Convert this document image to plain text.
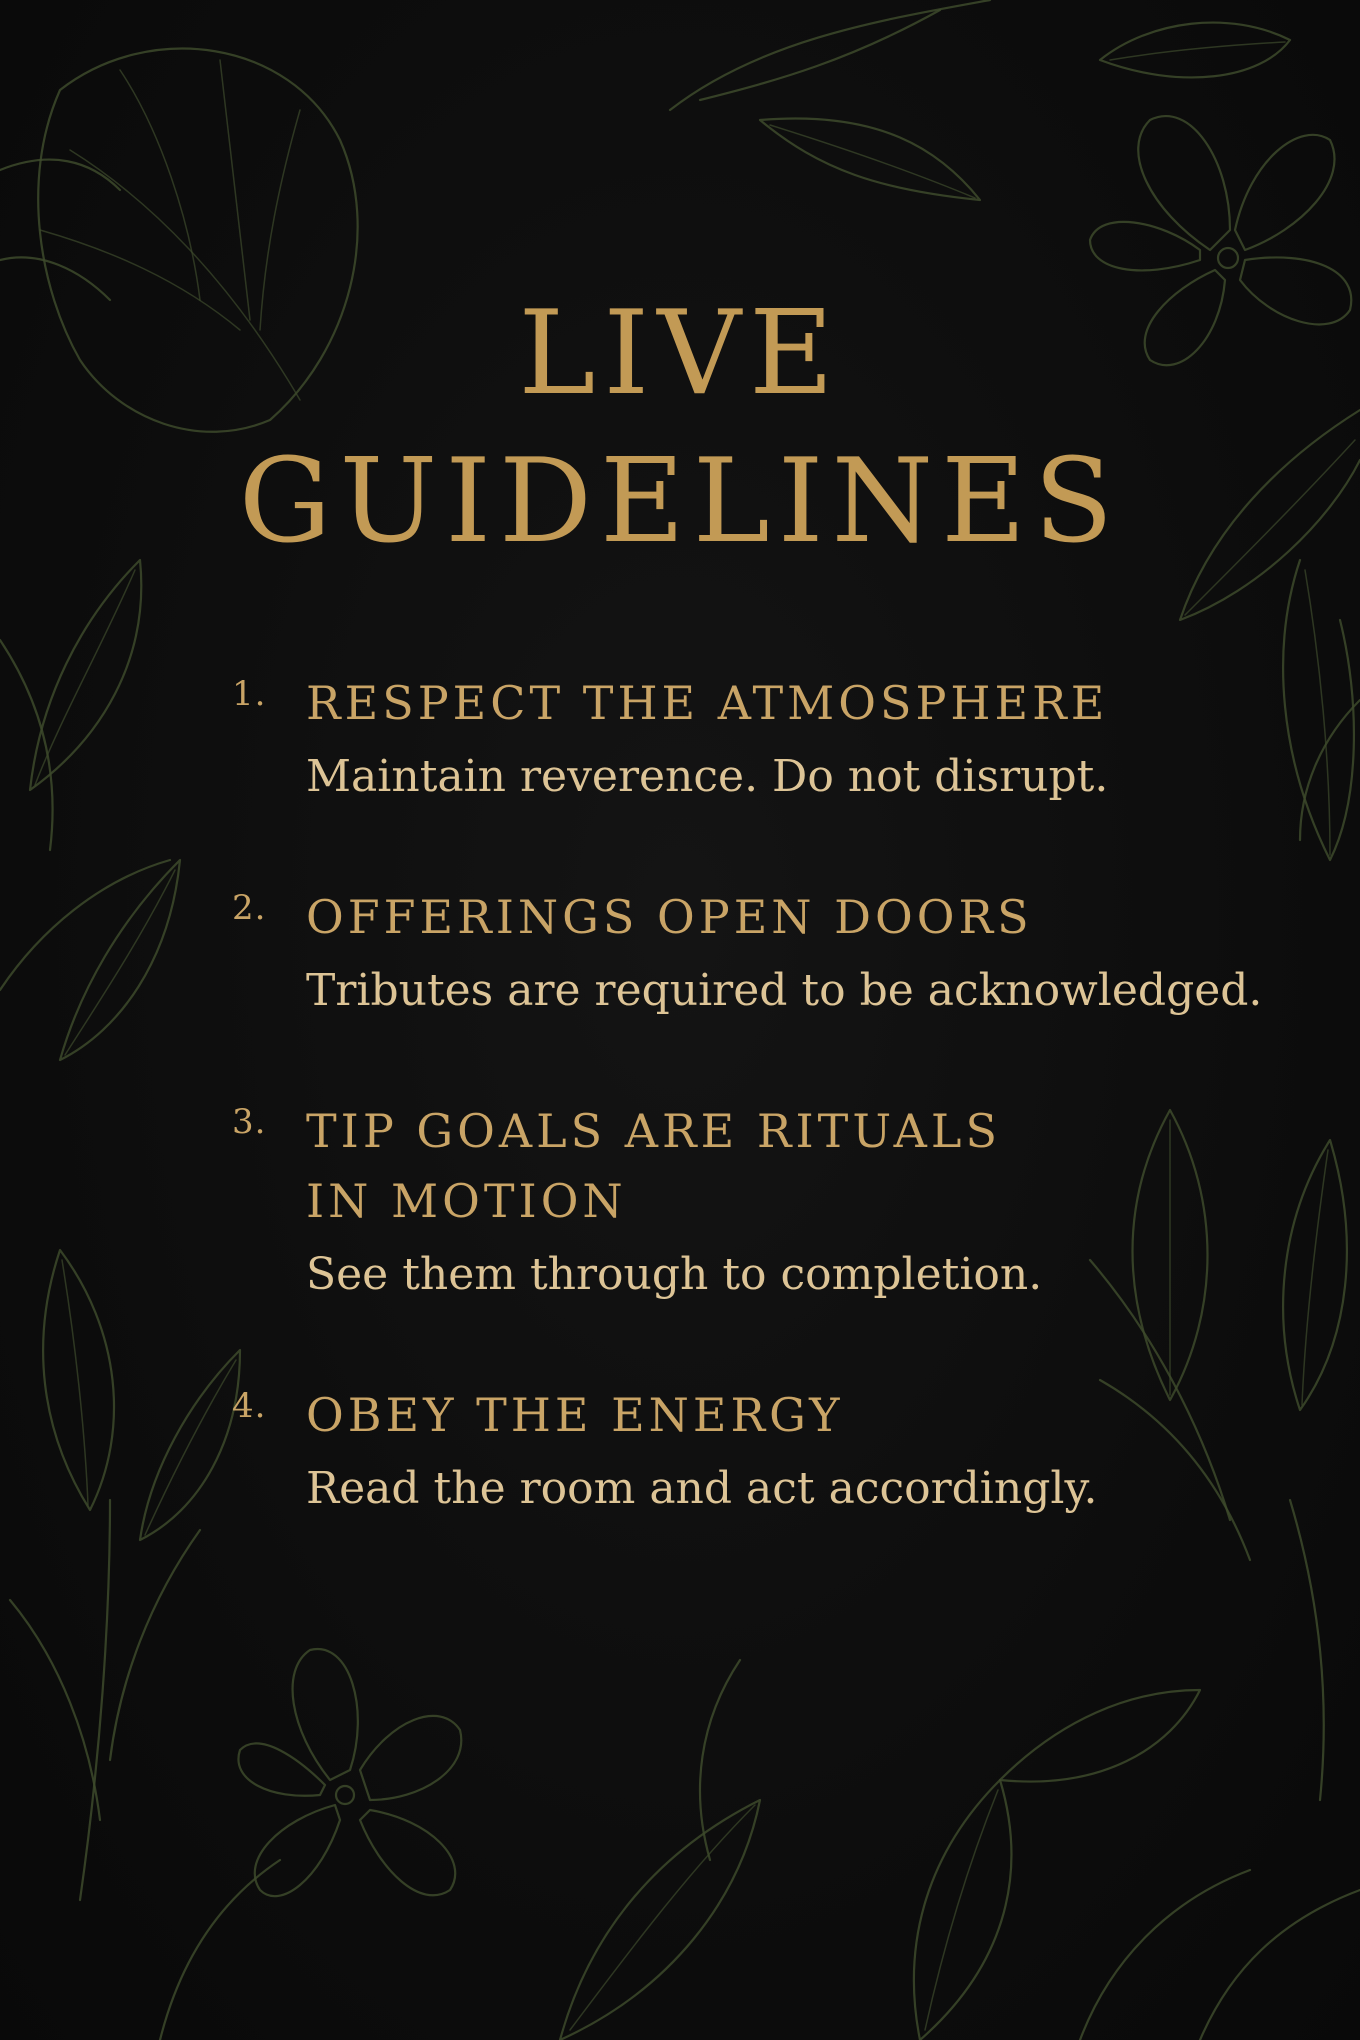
LIVE
GUIDELINES
1. RESPECT THE ATMOSPHERE
Maintain reverence. Do not disrupt.
2. OFFERINGS OPEN DOORS
Tributes are required to be acknowledged.
3. TIP GOALS ARE RITUALS
IN MOTION
See them through to completion.
4. OBEY THE ENERGY
Read the room and act accordingly.
